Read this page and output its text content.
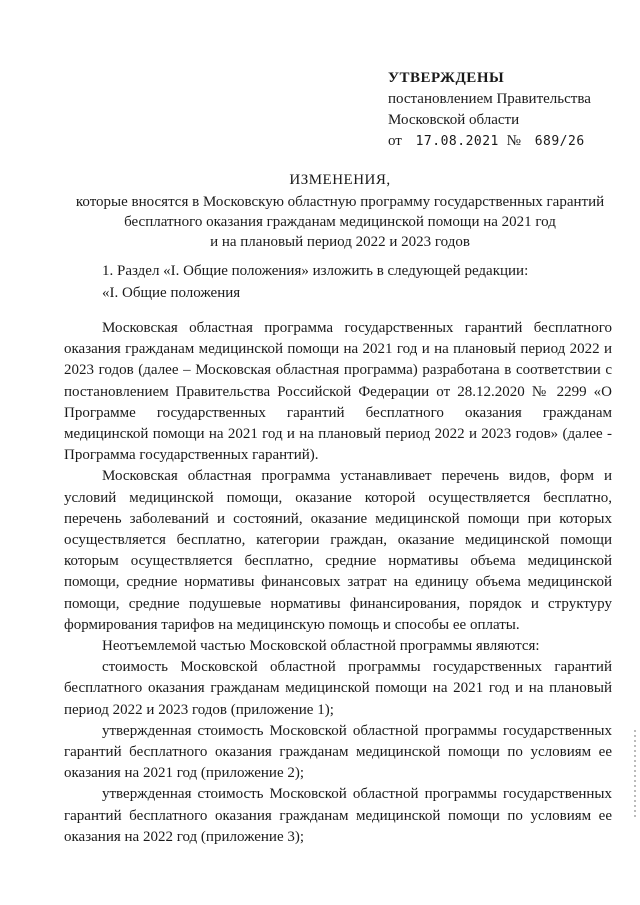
УТВЕРЖДЕНЫ
постановлением Правительства
Московской области
от 17.08.2021 № 689/26
ИЗМЕНЕНИЯ,
которые вносятся в Московскую областную программу государственных гарантий
бесплатного оказания гражданам медицинской помощи на 2021 год
и на плановый период 2022 и 2023 годов
1. Раздел «I. Общие положения» изложить в следующей редакции:
«I. Общие положения

Московская областная программа государственных гарантий бесплатного оказания гражданам медицинской помощи на 2021 год и на плановый период 2022 и 2023 годов (далее – Московская областная программа) разработана в соответствии с постановлением Правительства Российской Федерации от 28.12.2020 № 2299 «О Программе государственных гарантий бесплатного оказания гражданам медицинской помощи на 2021 год и на плановый период 2022 и 2023 годов» (далее - Программа государственных гарантий).

Московская областная программа устанавливает перечень видов, форм и условий медицинской помощи, оказание которой осуществляется бесплатно, перечень заболеваний и состояний, оказание медицинской помощи при которых осуществляется бесплатно, категории граждан, оказание медицинской помощи которым осуществляется бесплатно, средние нормативы объема медицинской помощи, средние нормативы финансовых затрат на единицу объема медицинской помощи, средние подушевые нормативы финансирования, порядок и структуру формирования тарифов на медицинскую помощь и способы ее оплаты.

Неотъемлемой частью Московской областной программы являются:

стоимость Московской областной программы государственных гарантий бесплатного оказания гражданам медицинской помощи на 2021 год и на плановый период 2022 и 2023 годов (приложение 1);

утвержденная стоимость Московской областной программы государственных гарантий бесплатного оказания гражданам медицинской помощи по условиям ее оказания на 2021 год (приложение 2);

утвержденная стоимость Московской областной программы государственных гарантий бесплатного оказания гражданам медицинской помощи по условиям ее оказания на 2022 год (приложение 3);
